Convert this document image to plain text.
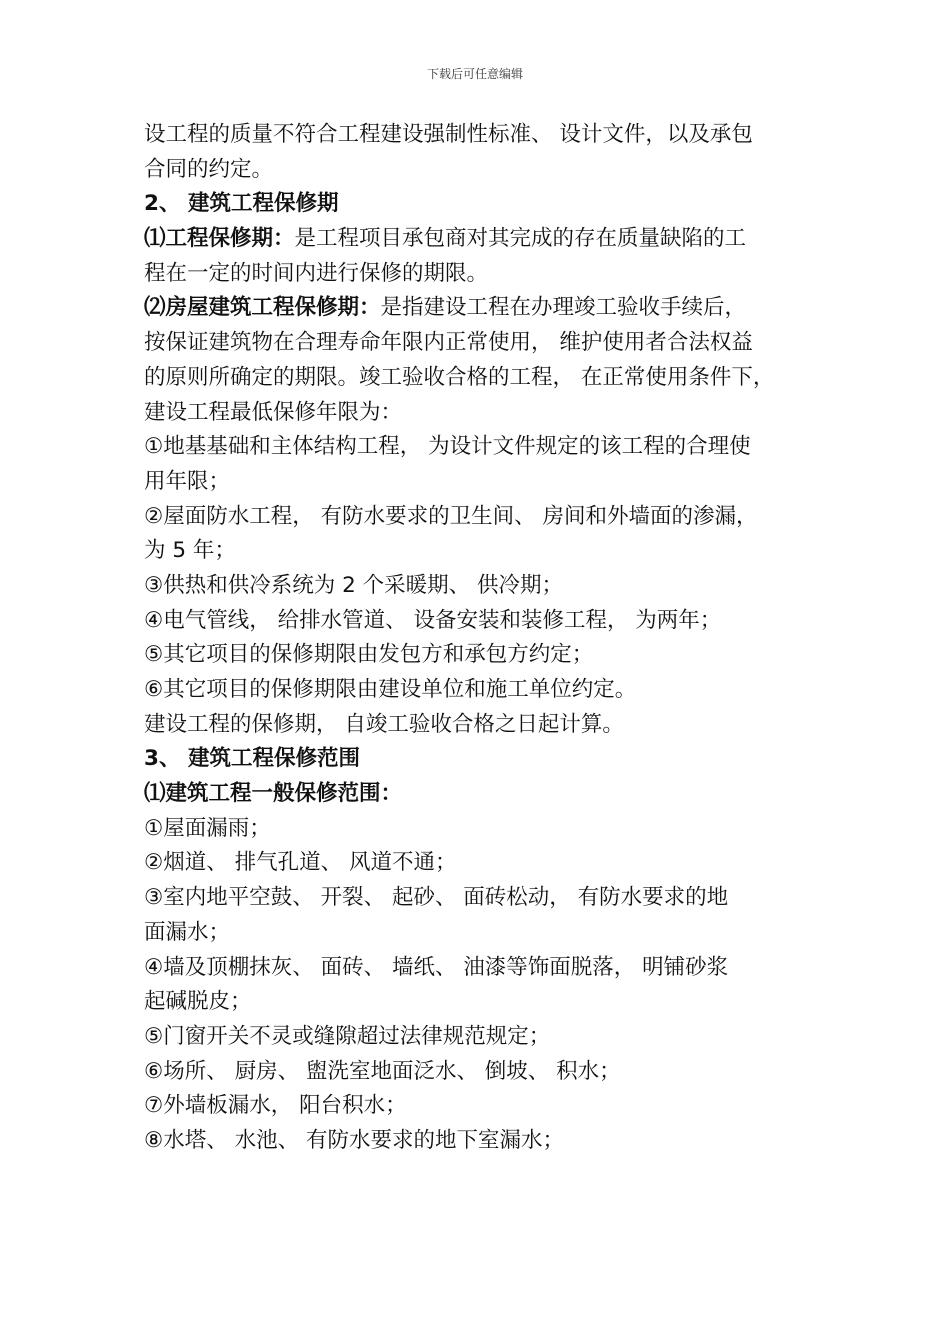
下载后可任意编辑
设工程的质量不符合工程建设强制性标准、 设计文件，以及承包
合同的约定。
2、 建筑工程保修期
⑴工程保修期：是工程项目承包商对其完成的存在质量缺陷的工
程在一定的时间内进行保修的期限。
⑵房屋建筑工程保修期：是指建设工程在办理竣工验收手续后，
按保证建筑物在合理寿命年限内正常使用， 维护使用者合法权益
的原则所确定的期限。竣工验收合格的工程， 在正常使用条件下，
建设工程最低保修年限为：
①地基基础和主体结构工程， 为设计文件规定的该工程的合理使
用年限；
②屋面防水工程， 有防水要求的卫生间、 房间和外墙面的渗漏，
为 5 年；
③供热和供冷系统为 2 个采暖期、 供冷期；
④电气管线， 给排水管道、 设备安装和装修工程， 为两年；
⑤其它项目的保修期限由发包方和承包方约定；
⑥其它项目的保修期限由建设单位和施工单位约定。
建设工程的保修期， 自竣工验收合格之日起计算。
3、 建筑工程保修范围
⑴建筑工程一般保修范围：
①屋面漏雨；
②烟道、 排气孔道、 风道不通；
③室内地平空鼓、 开裂、 起砂、 面砖松动， 有防水要求的地
面漏水；
④墙及顶棚抹灰、 面砖、 墙纸、 油漆等饰面脱落， 明铺砂浆
起碱脱皮；
⑤门窗开关不灵或缝隙超过法律规范规定；
⑥场所、 厨房、 盥洗室地面泛水、 倒坡、 积水；
⑦外墙板漏水， 阳台积水；
⑧水塔、 水池、 有防水要求的地下室漏水；
